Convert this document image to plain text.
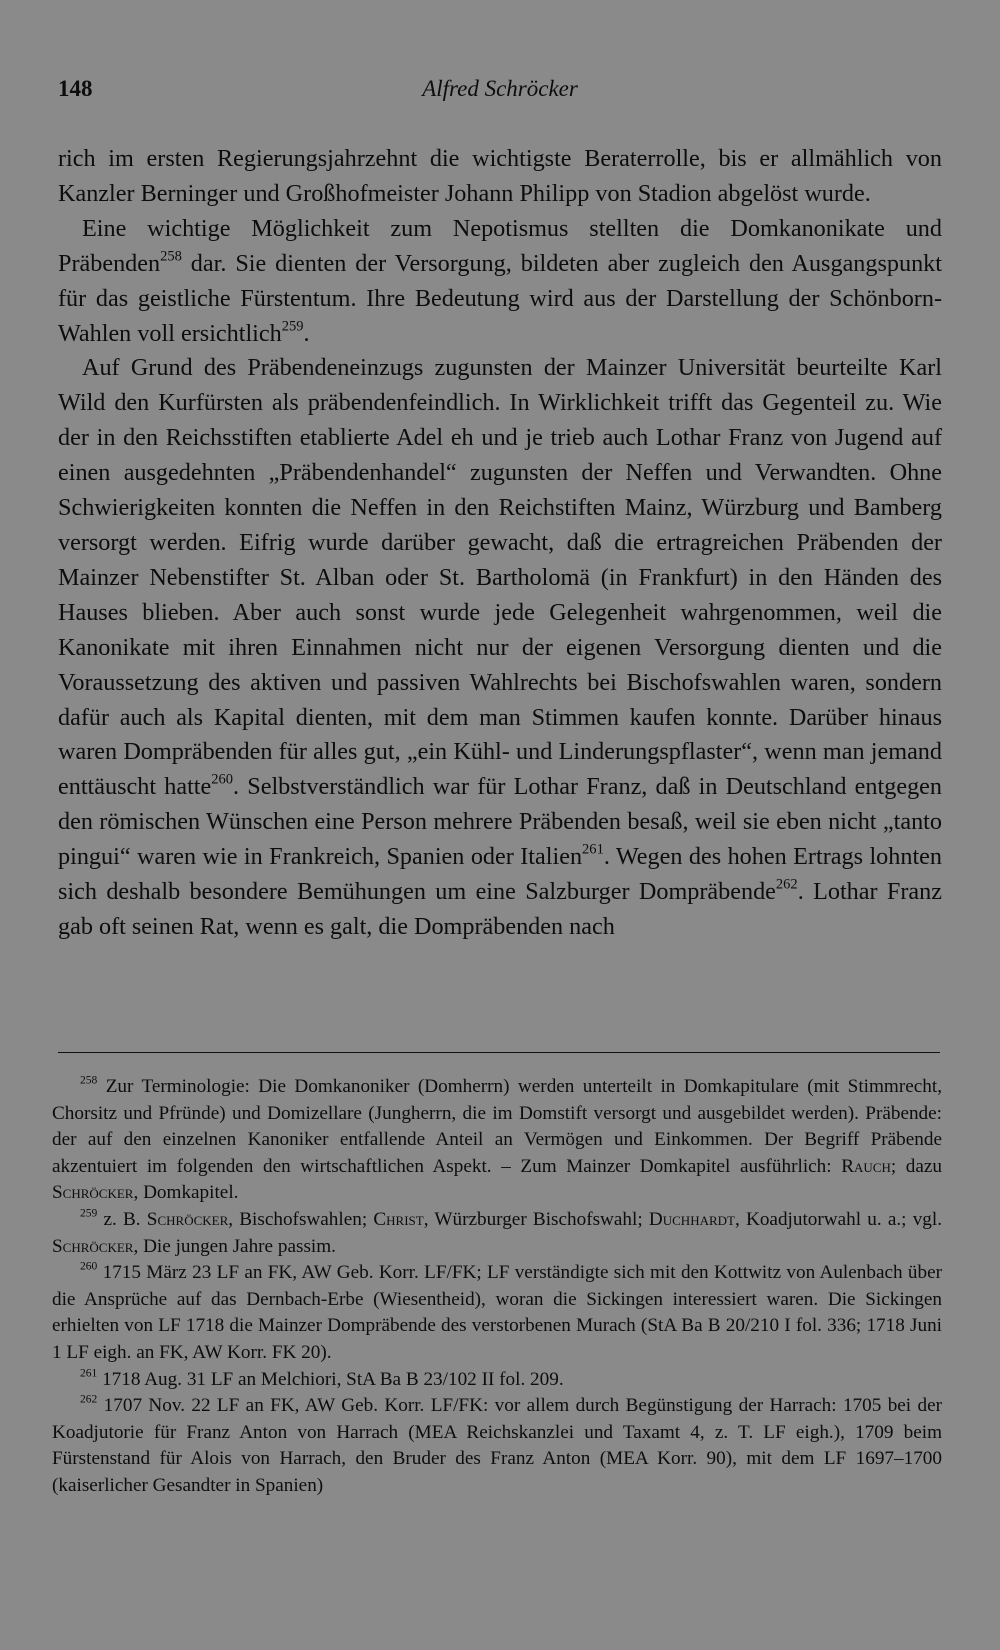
148	Alfred Schröcker

rich im ersten Regierungsjahrzehnt die wichtigste Beraterrolle, bis er allmählich von Kanzler Berninger und Großhofmeister Johann Philipp von Stadion abgelöst wurde.

Eine wichtige Möglichkeit zum Nepotismus stellten die Domkanonikate und Präbenden$^{258}$ dar. Sie dienten der Versorgung, bildeten aber zugleich den Ausgangspunkt für das geistliche Fürstentum. Ihre Bedeutung wird aus der Darstellung der Schönborn-Wahlen voll ersichtlich$^{259}$.

Auf Grund des Präbendeneinzugs zugunsten der Mainzer Universität beurteilte Karl Wild den Kurfürsten als präbendenfeindlich. In Wirklichkeit trifft das Gegenteil zu. Wie der in den Reichsstiften etablierte Adel eh und je trieb auch Lothar Franz von Jugend auf einen ausgedehnten „Präbendenhandel“ zugunsten der Neffen und Verwandten. Ohne Schwierigkeiten konnten die Neffen in den Reichstiften Mainz, Würzburg und Bamberg versorgt werden. Eifrig wurde darüber gewacht, daß die ertragreichen Präbenden der Mainzer Nebenstifter St. Alban oder St. Bartholomä (in Frankfurt) in den Händen des Hauses blieben. Aber auch sonst wurde jede Gelegenheit wahrgenommen, weil die Kanonikate mit ihren Einnahmen nicht nur der eigenen Versorgung dienten und die Voraussetzung des aktiven und passiven Wahlrechts bei Bischofswahlen waren, sondern dafür auch als Kapital dienten, mit dem man Stimmen kaufen konnte. Darüber hinaus waren Dompräbenden für alles gut, „ein Kühl- und Linderungspflaster“, wenn man jemand enttäuscht hatte$^{260}$. Selbstverständlich war für Lothar Franz, daß in Deutschland entgegen den römischen Wünschen eine Person mehrere Präbenden besaß, weil sie eben nicht „tanto pingui“ waren wie in Frankreich, Spanien oder Italien$^{261}$. Wegen des hohen Ertrags lohnten sich deshalb besondere Bemühungen um eine Salzburger Dompräbende$^{262}$. Lothar Franz gab oft seinen Rat, wenn es galt, die Dompräbenden nach

$^{258}$ Zur Terminologie: Die Domkanoniker (Domherrn) werden unterteilt in Domkapitulare (mit Stimmrecht, Chorsitz und Pfründe) und Domizellare (Jungherrn, die im Domstift versorgt und ausgebildet werden). Präbende: der auf den einzelnen Kanoniker entfallende Anteil an Vermögen und Einkommen. Der Begriff Präbende akzentuiert im folgenden den wirtschaftlichen Aspekt. – Zum Mainzer Domkapitel ausführlich: Rauch; dazu Schröcker, Domkapitel.

$^{259}$ z. B. Schröcker, Bischofswahlen; Christ, Würzburger Bischofswahl; Duchhardt, Koadjutorwahl u. a.; vgl. Schröcker, Die jungen Jahre passim.

$^{260}$ 1715 März 23 LF an FK, AW Geb. Korr. LF/FK; LF verständigte sich mit den Kottwitz von Aulenbach über die Ansprüche auf das Dernbach-Erbe (Wiesentheid), woran die Sickingen interessiert waren. Die Sickingen erhielten von LF 1718 die Mainzer Dompräbende des verstorbenen Murach (StA Ba B 20/210 I fol. 336; 1718 Juni 1 LF eigh. an FK, AW Korr. FK 20).

$^{261}$ 1718 Aug. 31 LF an Melchiori, StA Ba B 23/102 II fol. 209.

$^{262}$ 1707 Nov. 22 LF an FK, AW Geb. Korr. LF/FK: vor allem durch Begünstigung der Harrach: 1705 bei der Koadjutorie für Franz Anton von Harrach (MEA Reichskanzlei und Taxamt 4, z. T. LF eigh.), 1709 beim Fürstenstand für Alois von Harrach, den Bruder des Franz Anton (MEA Korr. 90), mit dem LF 1697–1700 (kaiserlicher Gesandter in Spanien)
